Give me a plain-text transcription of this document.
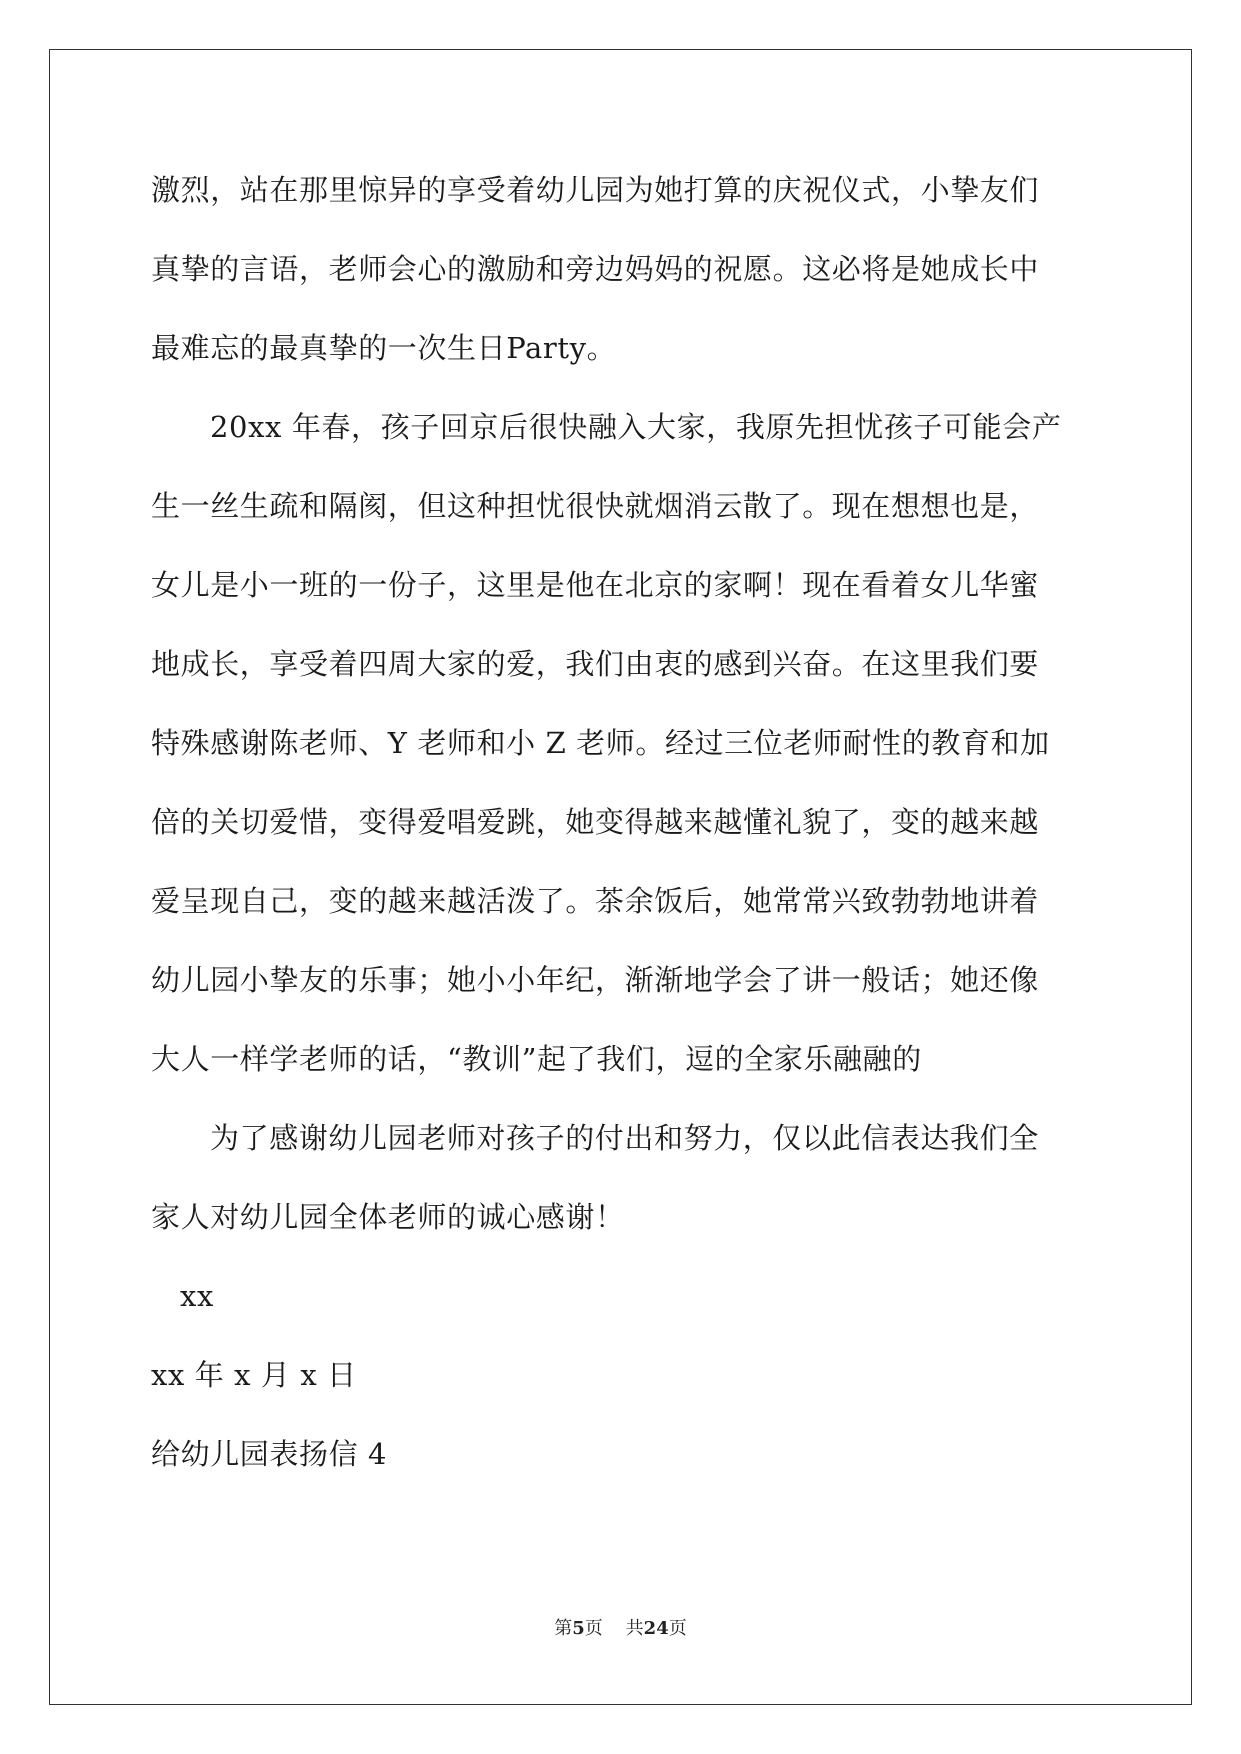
激烈，站在那里惊异的享受着幼儿园为她打算的庆祝仪式，小挚友们
真挚的言语，老师会心的激励和旁边妈妈的祝愿。这必将是她成长中
最难忘的最真挚的一次生日Party。
20xx 年春，孩子回京后很快融入大家，我原先担忧孩子可能会产
生一丝生疏和隔阂，但这种担忧很快就烟消云散了。现在想想也是，
女儿是小一班的一份子，这里是他在北京的家啊！现在看着女儿华蜜
地成长，享受着四周大家的爱，我们由衷的感到兴奋。在这里我们要
特殊感谢陈老师、Y 老师和小 Z 老师。经过三位老师耐性的教育和加
倍的关切爱惜，变得爱唱爱跳，她变得越来越懂礼貌了，变的越来越
爱呈现自己，变的越来越活泼了。茶余饭后，她常常兴致勃勃地讲着
幼儿园小挚友的乐事；她小小年纪，渐渐地学会了讲一般话；她还像
大人一样学老师的话，“教训”起了我们，逗的全家乐融融的
为了感谢幼儿园老师对孩子的付出和努力，仅以此信表达我们全
家人对幼儿园全体老师的诚心感谢！
xx
xx 年 x 月 x 日
给幼儿园表扬信 4
第5页 共24页
